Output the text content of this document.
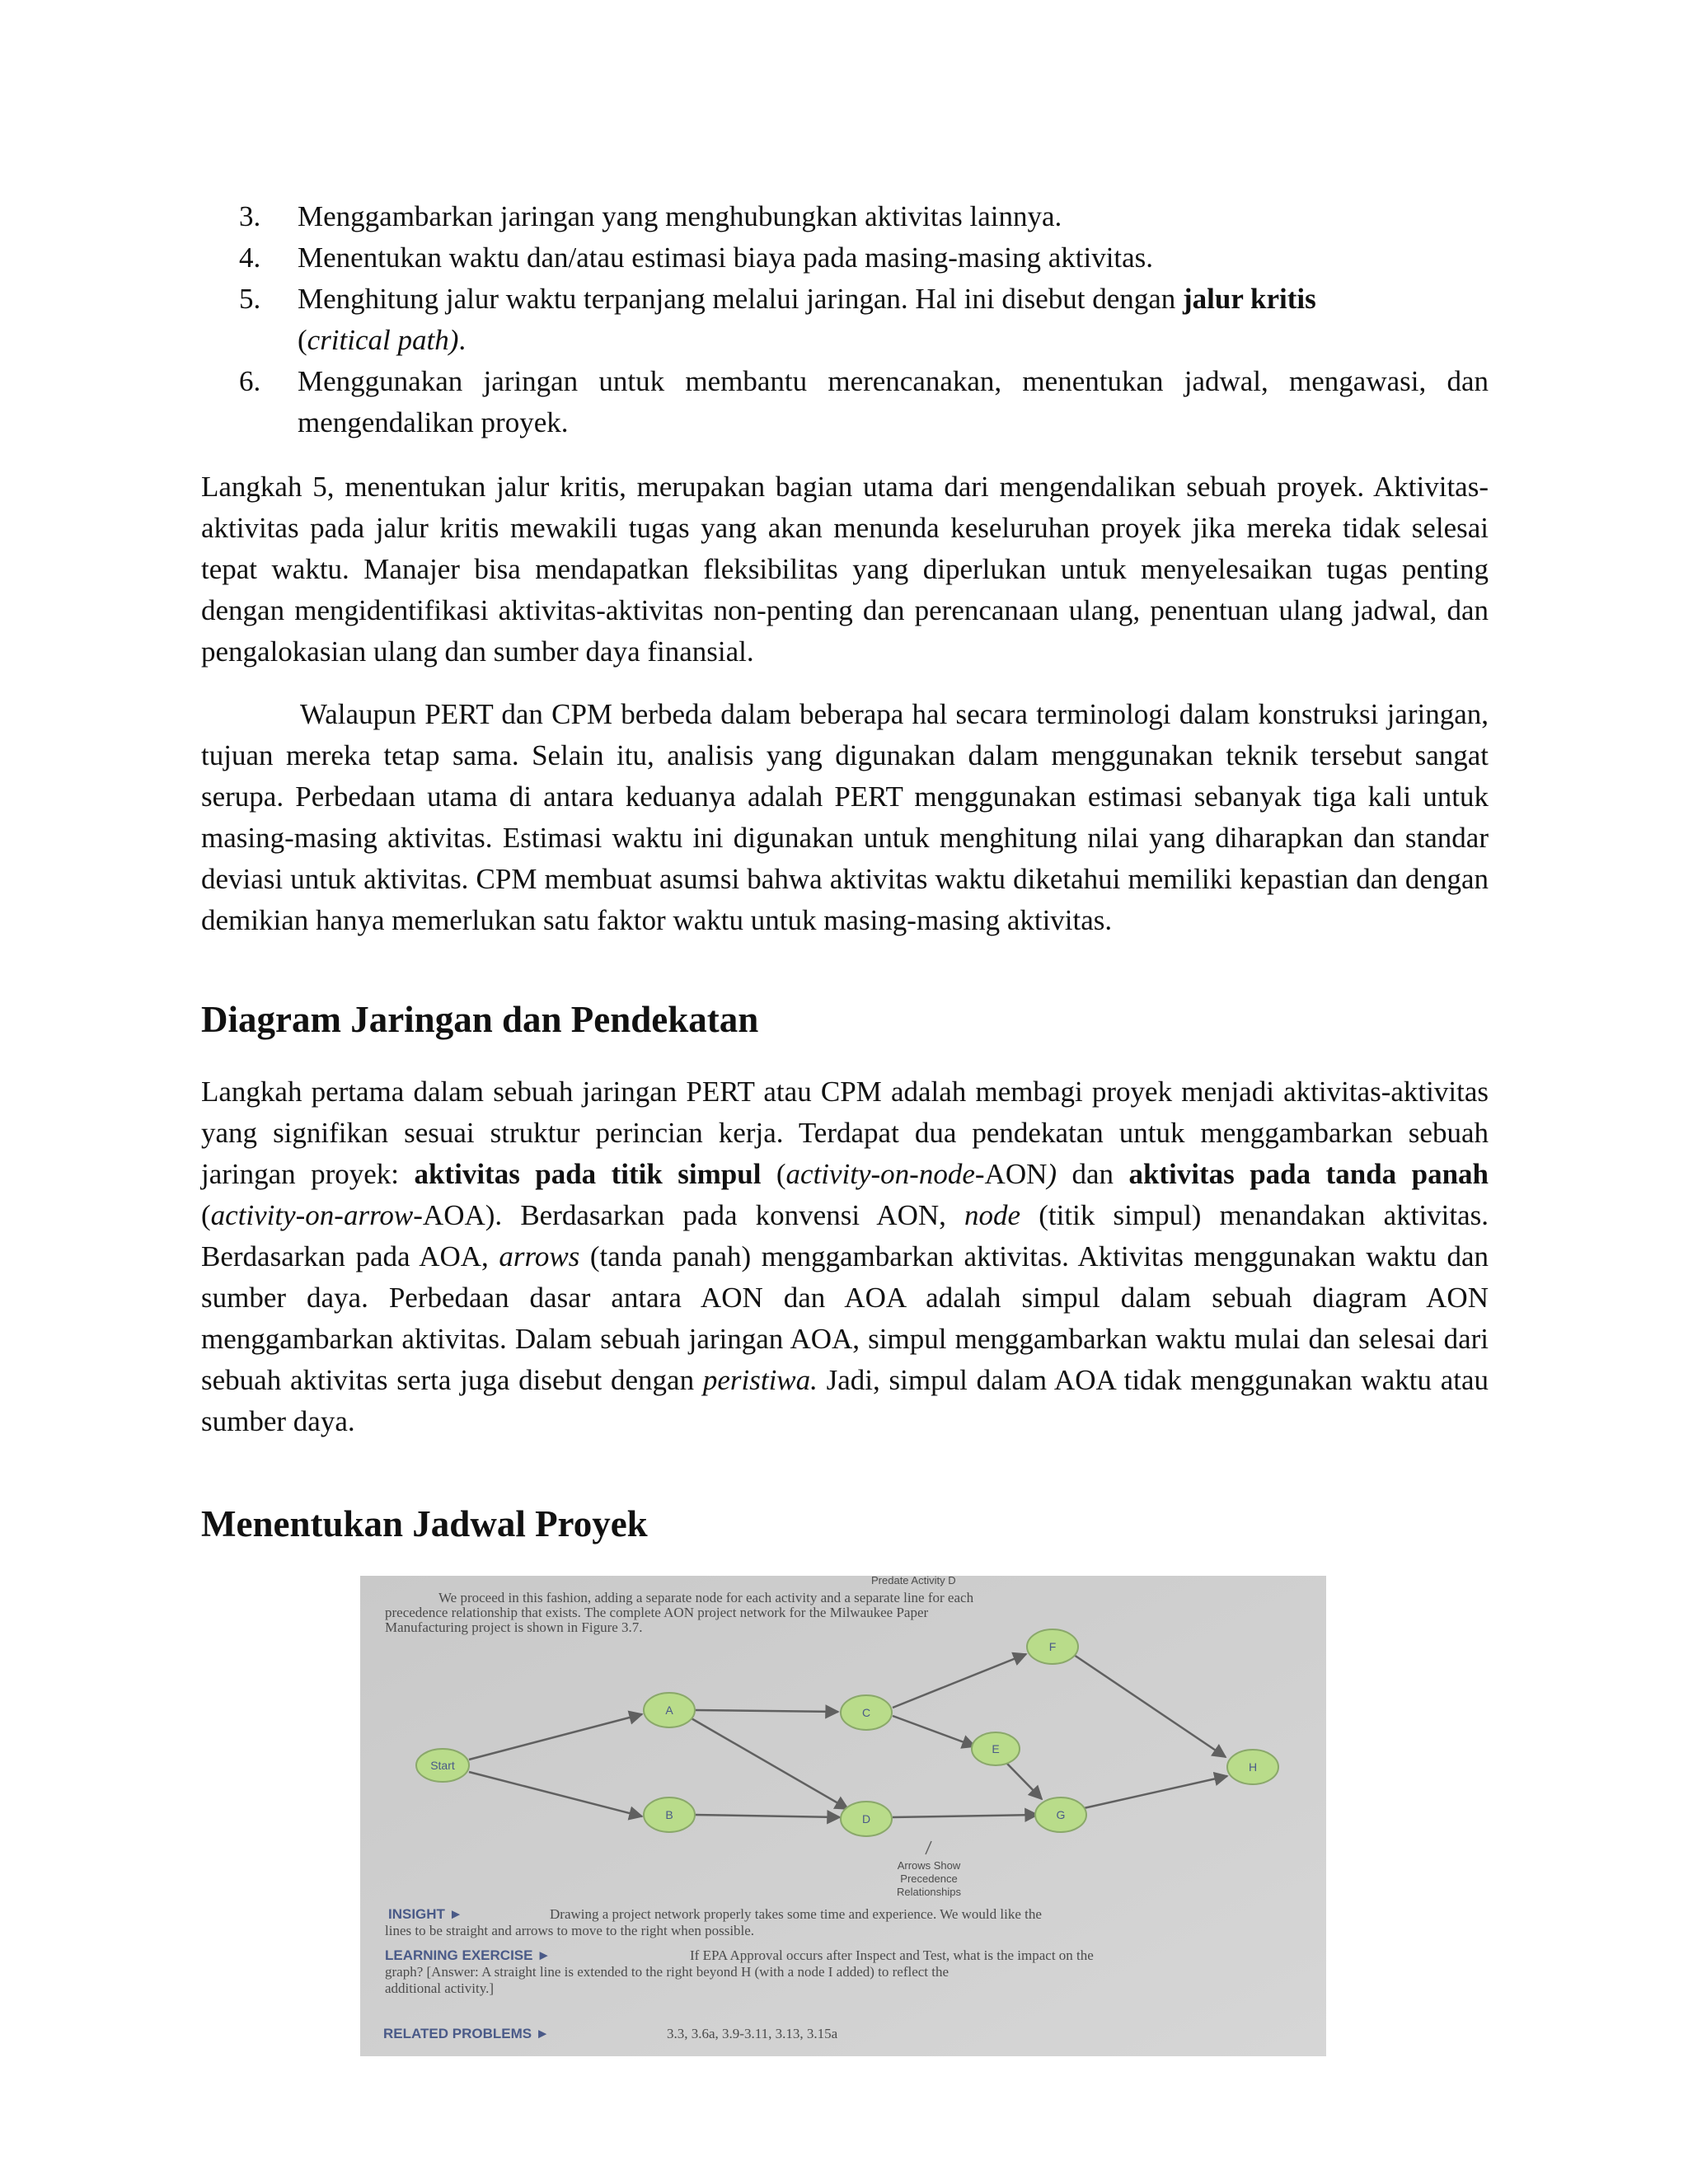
3.	Menggambarkan jaringan yang menghubungkan aktivitas lainnya.
4.	Menentukan waktu dan/atau estimasi biaya pada masing-masing aktivitas.
5.	Menghitung jalur waktu terpanjang melalui jaringan. Hal ini disebut dengan jalur kritis
(critical path).
6.	Menggunakan jaringan untuk membantu merencanakan, menentukan jadwal, mengawasi, dan mengendalikan proyek.

Langkah 5, menentukan jalur kritis, merupakan bagian utama dari mengendalikan sebuah proyek. Aktivitas-aktivitas pada jalur kritis mewakili tugas yang akan menunda keseluruhan proyek jika mereka tidak selesai tepat waktu. Manajer bisa mendapatkan fleksibilitas yang diperlukan untuk menyelesaikan tugas penting dengan mengidentifikasi aktivitas-aktivitas non-penting dan perencanaan ulang, penentuan ulang jadwal, dan pengalokasian ulang dan sumber daya finansial.

Walaupun PERT dan CPM berbeda dalam beberapa hal secara terminologi dalam konstruksi jaringan, tujuan mereka tetap sama. Selain itu, analisis yang digunakan dalam menggunakan teknik tersebut sangat serupa. Perbedaan utama di antara keduanya adalah PERT menggunakan estimasi sebanyak tiga kali untuk masing-masing aktivitas. Estimasi waktu ini digunakan untuk menghitung nilai yang diharapkan dan standar deviasi untuk aktivitas. CPM membuat asumsi bahwa aktivitas waktu diketahui memiliki kepastian dan dengan demikian hanya memerlukan satu faktor waktu untuk masing-masing aktivitas.

Diagram Jaringan dan Pendekatan

Langkah pertama dalam sebuah jaringan PERT atau CPM adalah membagi proyek menjadi aktivitas-aktivitas yang signifikan sesuai struktur perincian kerja. Terdapat dua pendekatan untuk menggambarkan sebuah jaringan proyek: aktivitas pada titik simpul (activity-on-node-AON) dan aktivitas pada tanda panah (activity-on-arrow-AOA). Berdasarkan pada konvensi AON, node (titik simpul) menandakan aktivitas. Berdasarkan pada AOA, arrows (tanda panah) menggambarkan aktivitas. Aktivitas menggunakan waktu dan sumber daya. Perbedaan dasar antara AON dan AOA adalah simpul dalam sebuah diagram AON menggambarkan aktivitas. Dalam sebuah jaringan AOA, simpul menggambarkan waktu mulai dan selesai dari sebuah aktivitas serta juga disebut dengan peristiwa. Jadi, simpul dalam AOA tidak menggunakan waktu atau sumber daya.

Menentukan Jadwal Proyek
Predate Activity D
We proceed in this fashion, adding a separate node for each activity and a separate line for each
precedence relationship that exists. The complete AON project network for the Milwaukee Paper
Manufacturing project is shown in Figure 3.7.
Start
A
B
C
D
E
F
G
H
Arrows Show
Precedence
Relationships
INSIGHT ►	Drawing a project network properly takes some time and experience. We would like the
lines to be straight and arrows to move to the right when possible.
LEARNING EXERCISE ►	If EPA Approval occurs after Inspect and Test, what is the impact on the
graph? [Answer: A straight line is extended to the right beyond H (with a node I added) to reflect the
additional activity.]
RELATED PROBLEMS ►	3.3, 3.6a, 3.9-3.11, 3.13, 3.15a
